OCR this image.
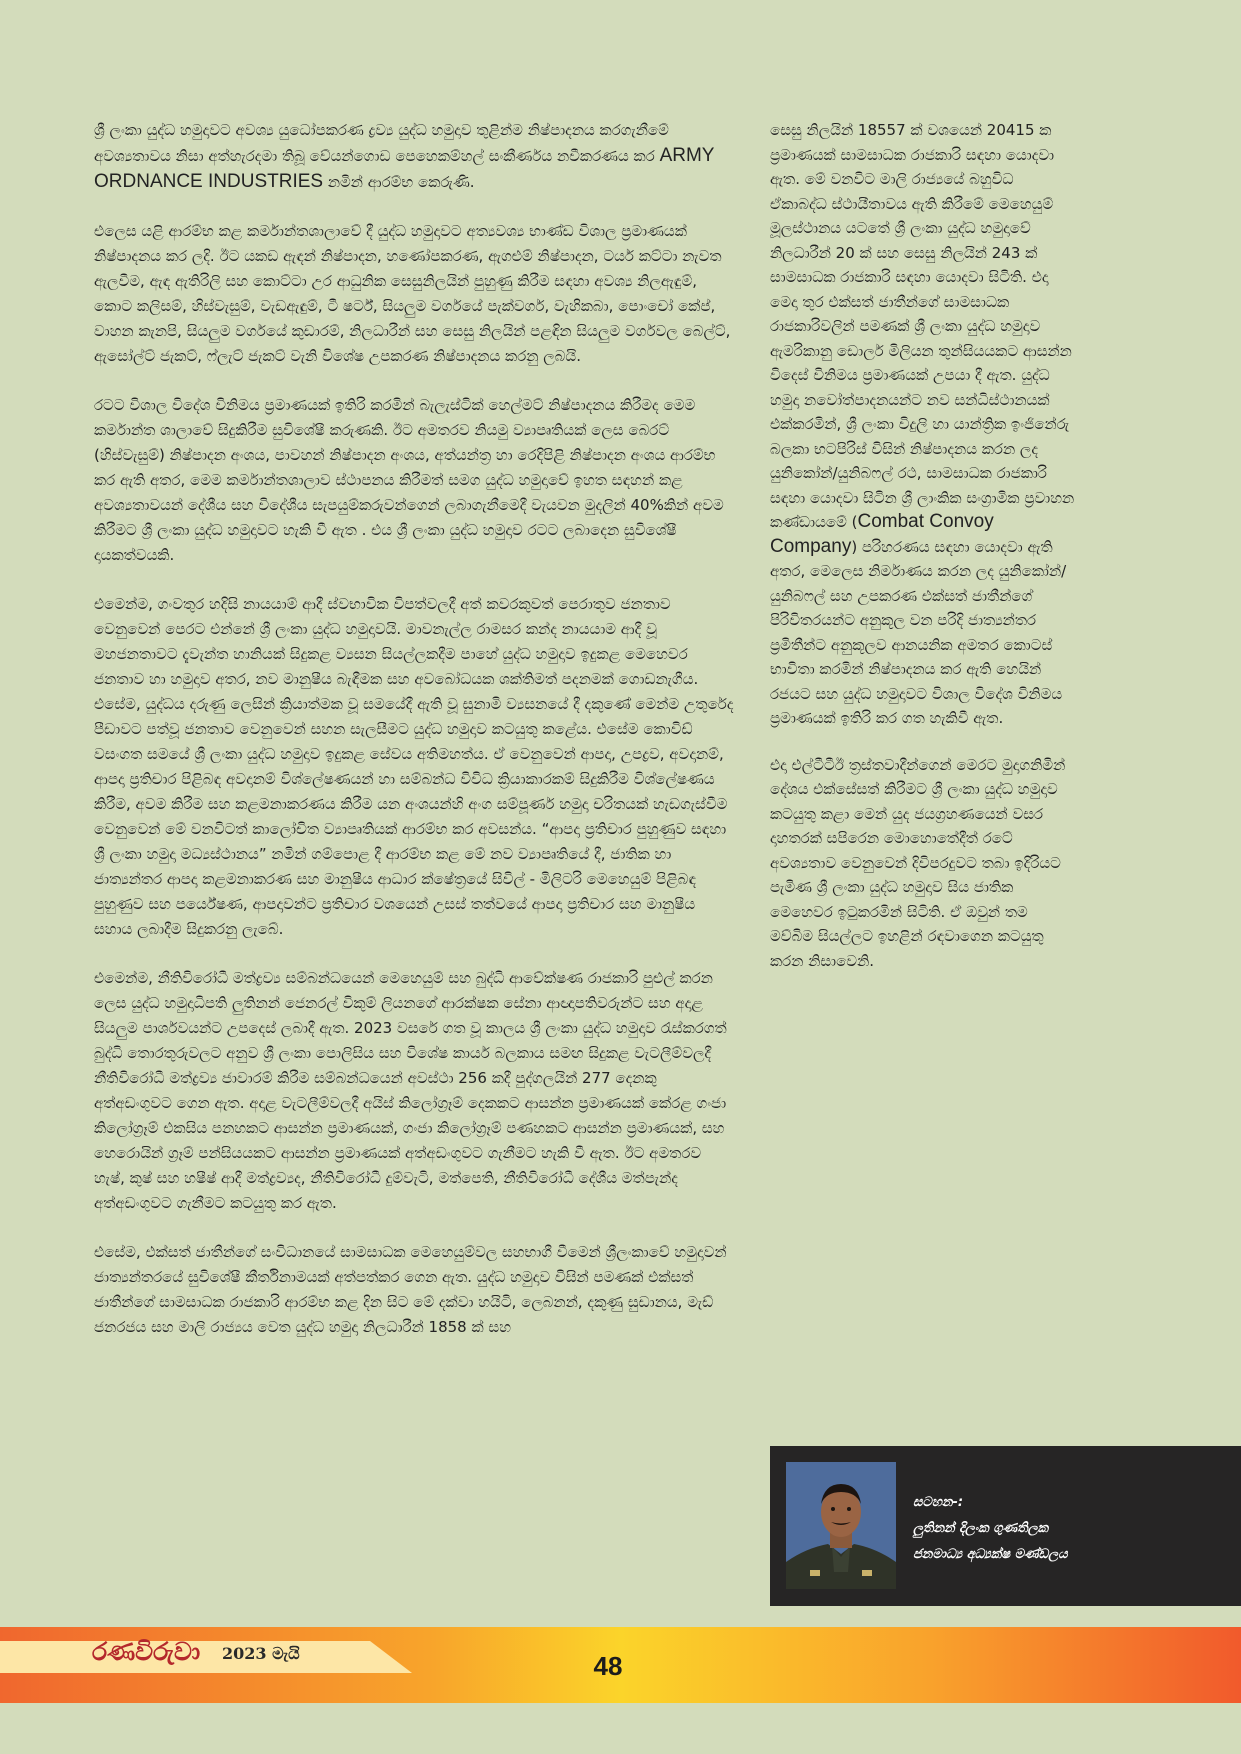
ශ්‍රී ලංකා යුද්ධ හමුදාවට අවශ්‍ය යුධෝපකරණ ද්‍රව්‍ය යුද්ධ හමුදාව තුළින්ම නිෂ්පාදනය කරගැනීමේ අවශ්‍යතාවය නිසා අත්හැරදමා තිබූ වේයන්ගොඩ පෙහෙකම්හල් සංකීර්ණය නවීකරණය කර ARMY ORDNANCE INDUSTRIES නමින් ආරම්භ කෙරුණි.

එලෙස යළි ආරම්භ කළ කර්මාන්තශාලාවේ දී යුද්ධ හමුදාවට අත්‍යවශ්‍ය භාණ්ඩ විශාල ප්‍රමාණයක් නිෂ්පාදනය කර ලදි. ඊට යකඩ ඇඳන් නිෂ්පාදන, හණෝපකරණ, ඇගළුම් නිෂ්පාදන, ටයර් කට්ටා නැවත ඇලවීම, ඇඳ ඇතිරිලි සහ කොට්ටා උර ආධුනික සෙසුනිලයින් පුහුණු කිරීම සඳහා අවශ්‍ය නිලඇඳුම්, කොට කලිසම්, හිස්වැසුම්, වැඩඇඳුම්, ටී ෂර්ට්, සියලුම වර්ගයේ පැක්වර්ග, වැහිකබා, පොංචෝ කේප්, වාහන කැනපි, සියලුම වර්ගයේ කුඩාරම්, නිලධාරීන් සහ සෙසු නිලයින් පළඳින සියලුම වර්ගවල බෙල්ට්, ඇසෝල්ට් ජැකට්, ෆ්ලැට් ජැකට් වැනි විශේෂ උපකරණ නිෂ්පාදනය කරනු ලබයි.

රටට විශාල විදේශ විනිමය ප්‍රමාණයක් ඉතිරි කරමින් බැලැස්ටික් හෙල්මට් නිෂ්පාදනය කිරීමද මෙම කර්මාන්ත ශාලාවේ සිදුකිරීම සුවිශේෂී කරුණකි. ඊට අමතරව නියමු ව්‍යාපෘතියක් ලෙස බෙරට් (හිස්වැසුම්) නිෂ්පාදන අංශය, පාවහන් නිෂ්පාදන අංශය, අත්යන්ත්‍ර හා රෙදිපිළි නිෂ්පාදන අංශය ආරම්භ කර ඇති අතර, මෙම කර්මාන්තශාලාව ස්ථාපනය කිරීමත් සමග යුද්ධ හමුදාවේ ඉහත සඳහන් කළ අවශ්‍යතාවයන් දේශීය සහ විදේශීය සැපයුම්කරුවන්ගෙන් ලබාගැනීමෙදී වැයවන මුදලින් 40%කින් අවම කිරීමට ශ්‍රී ලංකා යුද්ධ හමුදාවට හැකි වී ඇත . එය ශ්‍රී ලංකා යුද්ධ හමුදාව රටට ලබාදෙන සුවිශේෂී දායකත්වයකි.

එමෙන්ම, ගංවතුර හදිසි නායයාම් ආදී ස්වභාවික විපත්වලදී අත් කවරකුවත් පෙරාතුව ජනතාව වෙනුවෙන් පෙරට එන්නේ ශ්‍රී ලංකා යුද්ධ හමුදාවයි. මාවනැල්ල රාමසර කන්ද නායයාම ආදී වූ මහජනතාවට දැවැන්ත හානියක් සිදුකළ ව්‍යසන සියල්ලකදීම පාහේ යුද්ධ හමුදාව ඉදුකළ මෙහෙවර ජනතාව හා හමුදාව අතර, නව මානුෂීය බැඳීමක සහ අවබෝධයක ශක්තිමත් පදනමක් ගොඩනැගීය. එසේම, යුද්ධය දරුණු ලෙසින් ක්‍රියාත්මක වූ සමයේදී ඇති වූ සුනාමි ව්‍යසනයේ දී දකුණේ මෙන්ම උතුරේද පීඩාවට පත්වූ ජනතාව වෙනුවෙන් සහන සැලසීමට යුද්ධ හමුදාව කටයුතු කළේය. එසේම කොවිඩ් වසංගත සමයේ ශ්‍රී ලංකා යුද්ධ හමුදාව ඉදුකළ සේවය අතිමහත්ය. ඒ වෙනුවෙන් ආපදා, උපද්‍රව, අවදානම්, ආපදා ප්‍රතිචාර පිළිබඳ අවදානම් විශ්ලේෂණයන් හා සම්බන්ධ විවිධ ක්‍රියාකාරකම් සිදුකිරීම විශ්ලේෂණය කිරීම, අවම කිරීම සහ කළමනාකරණය කිරීම යන අංශයන්හි අංග සම්පූර්ණ හමුදා චරිතයක් හැඩගැස්වීම වෙනුවෙන් මේ වනවිටත් කාලෝචිත ව්‍යාපෘතියක් ආරම්භ කර අවසන්ය. “ආපදා ප්‍රතිචාර පුහුණුව සඳහා ශ්‍රී ලංකා හමුදා මධ්‍යස්ථානය” නමින් ගම්පොළ දී ආරම්භ කළ මේ නව ව්‍යාපෘතියේ දී, ජාතික හා ජාත්‍යන්තර ආපදා කළමනාකරණ සහ මානුෂීය ආධාර ක්ෂේත්‍රයේ සිවිල් - මිලිටරි මෙහෙයුම් පිළිබඳ පුහුණුව සහ පර්යේෂණ, ආපදාවන්ට ප්‍රතිචාර වශයෙන් උසස් තත්වයේ ආපදා ප්‍රතිචාර සහ මානුෂීය සහාය ලබාදීම සිදුකරනු ලැබේ.

එමෙන්ම, නීතිවිරෝධී මත්ද්‍රව්‍ය සම්බන්ධයෙන් මෙහෙයුම් සහ බුද්ධි ආවේක්ෂණ රාජකාරි පුළුල් කරන ලෙස යුද්ධ හමුදාධිපති ලුතිනන් ජෙනරල් විකුම් ලියනගේ ආරක්ෂක සේනා ආඥාපතිවරුන්ට සහ අදාළ සියලුම පාර්ශවයන්ට උපදෙස් ලබාදී ඇත. 2023 වසරේ ගත වූ කාලය ශ්‍රී ලංකා යුද්ධ හමුදාව රැස්කරගත් බුද්ධි තොරතුරුවලට අනුව ශ්‍රී ලංකා පොලිසිය සහ විශේෂ කාර්ය බලකාය සමඟ සිදුකළ වැටලීම්වලදී නීතිවිරෝධී මත්ද්‍රව්‍ය ජාවාරම් කිරීම සම්බන්ධයෙන් අවස්ථා 256 කදී පුද්ගලයින් 277 දෙනකු අත්අඩංගුවට ගෙන ඇත. අදාළ වැටලීම්වලදී අයිස් කිලෝග්‍රෑම් දෙකකට ආසන්න ප්‍රමාණයක් කේරළ ගංජා කිලෝග්‍රෑම් එකසිය පනහකට ආසන්න ප්‍රමාණයක්, ගංජා කිලෝග්‍රෑම් පණහකට ආසන්න ප්‍රමාණයක්, සහ හෙරොයින් ග්‍රෑම් පන්සියයකට ආසන්න ප්‍රමාණයක් අත්අඩංගුවට ගැනීමට හැකි වී ඇත. ඊට අමතරව හැෂ්, කුෂ් සහ හෂීෂ් ආදී මත්ද්‍රව්‍යද, නීතිවිරෝධී දුම්වැටි, මත්පෙති, නීතිවිරෝධී දේශීය මත්පැන්ද අත්අඩංගුවට ගැනීමට කටයුතු කර ඇත.

එසේම, එක්සත් ජාතීන්ගේ සංවිධානයේ සාමසාධක මෙහෙයුම්වල සහභාගී වීමෙන් ශ්‍රීලංකාවේ හමුදාවන් ජාත්‍යන්තරයේ සුවිශේෂී කීර්තිනාමයක් අත්පත්කර ගෙන ඇත. යුද්ධ හමුදාව විසින් පමණක් එක්සත් ජාතීන්ගේ සාමසාධක රාජකාරි ආරම්භ කළ දින සිට මේ දක්වා හයිටි, ලෙබනන්, දකුණු සුඩානය, මැඩ් ජනරජය සහ මාලි රාජ්‍යය වෙත යුද්ධ හමුදා නිලධාරීන් 1858 ක් සහ

සෙසු නිලයින් 18557 ක් වශයෙන් 20415 ක ප්‍රමාණයක් සාමසාධක රාජකාරි සඳහා යොදවා ඇත. මේ වනවිට මාලි රාජ්‍යයේ බහුවිධ ඒකාබද්ධ ස්ථායීතාවය ඇති කිරීමේ මෙහෙයුම් මූලස්ථානය යටතේ ශ්‍රී ලංකා යුද්ධ හමුදාවේ නිලධාරීන් 20 ක් සහ සෙසු නිලයින් 243 ක් සාමසාධක රාජකාරි සඳහා යොදවා සිටිති. එදා මෙදා තුර එක්සත් ජාතීන්ගේ සාමසාධක රාජකාරිවලින් පමණක් ශ්‍රී ලංකා යුද්ධ හමුදාව ඇමරිකානු ඩොලර් මිලියන තුන්සියයකට ආසන්න විදෙස් විනිමය ප්‍රමාණයක් උපයා දී ඇත. යුද්ධ හමුදා නවෝත්පාදනයන්ට නව සන්ධිස්ථානයක් එක්කරමින්, ශ්‍රී ලංකා විදුලි හා යාන්ත්‍රික ඉංජිනේරු බලකා භටපිරිස් විසින් නිෂ්පාදනය කරන ලද යුනිකෝන්/යුනිබෆල් රථ, සාමසාධක රාජකාරි සඳහා යොදවා සිටින ශ්‍රී ලාංකික සංග්‍රාමික ප්‍රවාහන කණ්ඩායමේ (Combat Convoy Company) පරිහරණය සඳහා යොදවා ඇති අතර, මෙලෙස නිර්මාණය කරන ලද යුනිකෝන්/යුනිබෆල් සහ උපකරණ එක්සත් ජාතීන්ගේ පිරිවිතරයන්ට අනුකූල වන පරිදි ජාත්‍යන්තර ප්‍රමිතීන්ට අනුකූලව ආනයනික අමතර කොටස් භාවිතා කරමින් නිෂ්පාදනය කර ඇති හෙයින් රජයට සහ යුද්ධ හමුදාවට විශාල විදේශ විනිමය ප්‍රමාණයක් ඉතිරි කර ගත හැකිවී ඇත.

එදා එල්ටීටීඊ ත්‍රස්තවාදීන්ගෙන් මෙරට මුදාගනිමින් දේශය එක්සේසත් කිරීමට ශ්‍රී ලංකා යුද්ධ හමුදාව කටයුතු කළා මෙන් යුද ජයග්‍රහණයෙන් වසර දාහතරක් සපිරෙන මොහොතේදීත් රටේ අවශ්‍යතාව වෙනුවෙන් දිවිපරදුවට තබා ඉදිරියට පැමිණ ශ්‍රී ලංකා යුද්ධ හමුදාව සිය ජාතික මෙහෙවර ඉටුකරමින් සිටිති. ඒ ඔවුන් තම මව්බිම සියල්ලට ඉහළින් රඳවාගෙන කටයුතු කරන නිසාවෙනි.

සටහන-:
ලුතිනන් දිලංක ගුණතිලක
ජනමාධ්‍ය අධ්‍යක්ෂ මණ්ඩලය
රණවිරුවා 2023 මැයි	48
